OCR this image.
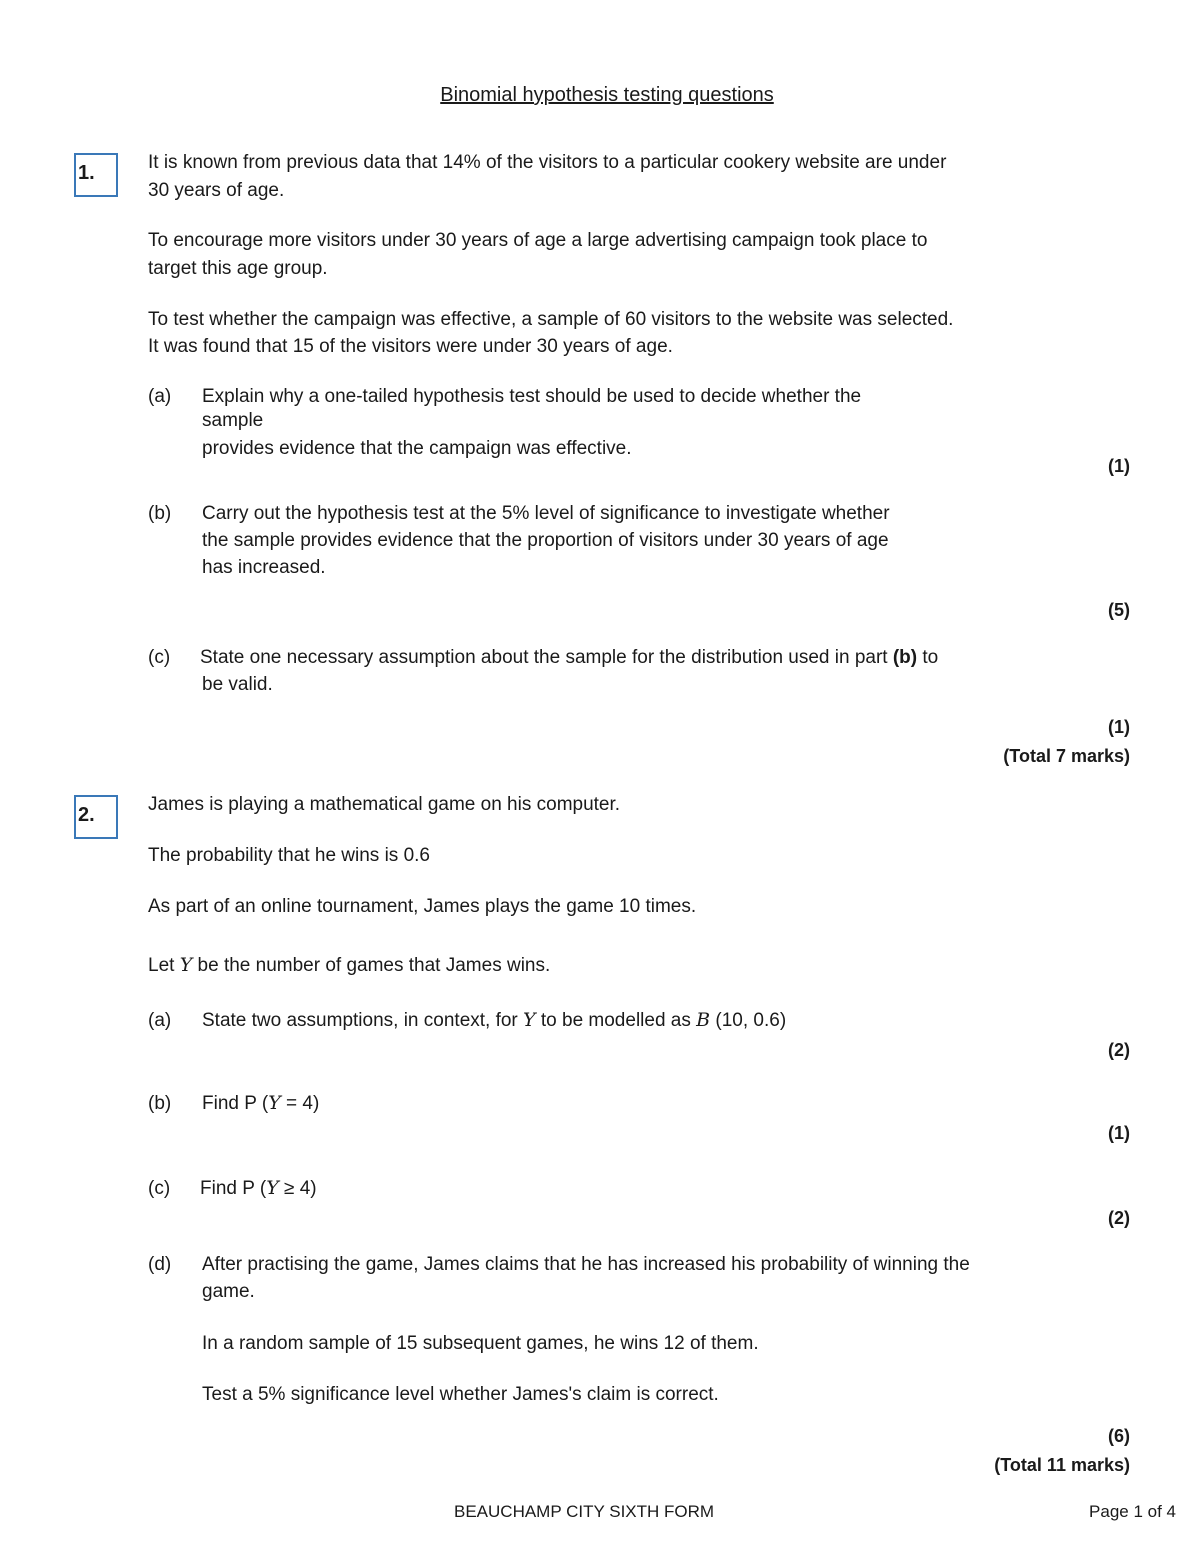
Binomial hypothesis testing questions
1.	It is known from previous data that 14% of the visitors to a particular cookery website are under
30 years of age.
To encourage more visitors under 30 years of age a large advertising campaign took place to
target this age group.
To test whether the campaign was effective, a sample of 60 visitors to the website was selected.
It was found that 15 of the visitors were under 30 years of age.
(a) Explain why a one-tailed hypothesis test should be used to decide whether the
sample
provides evidence that the campaign was effective.
(1)
(b) Carry out the hypothesis test at the 5% level of significance to investigate whether
the sample provides evidence that the proportion of visitors under 30 years of age
has increased.
(5)
(c) State one necessary assumption about the sample for the distribution used in part (b) to
be valid.
(1)
(Total 7 marks)
2.	James is playing a mathematical game on his computer.
The probability that he wins is 0.6
As part of an online tournament, James plays the game 10 times.
Let Y be the number of games that James wins.
(a) State two assumptions, in context, for Y to be modelled as B (10, 0.6)
(2)
(b) Find P (Y = 4)
(1)
(c) Find P (Y ≥ 4)
(2)
(d) After practising the game, James claims that he has increased his probability of winning the
game.
In a random sample of 15 subsequent games, he wins 12 of them.
Test a 5% significance level whether James's claim is correct.
(6)
(Total 11 marks)
BEAUCHAMP CITY SIXTH FORM	Page 1 of 4
